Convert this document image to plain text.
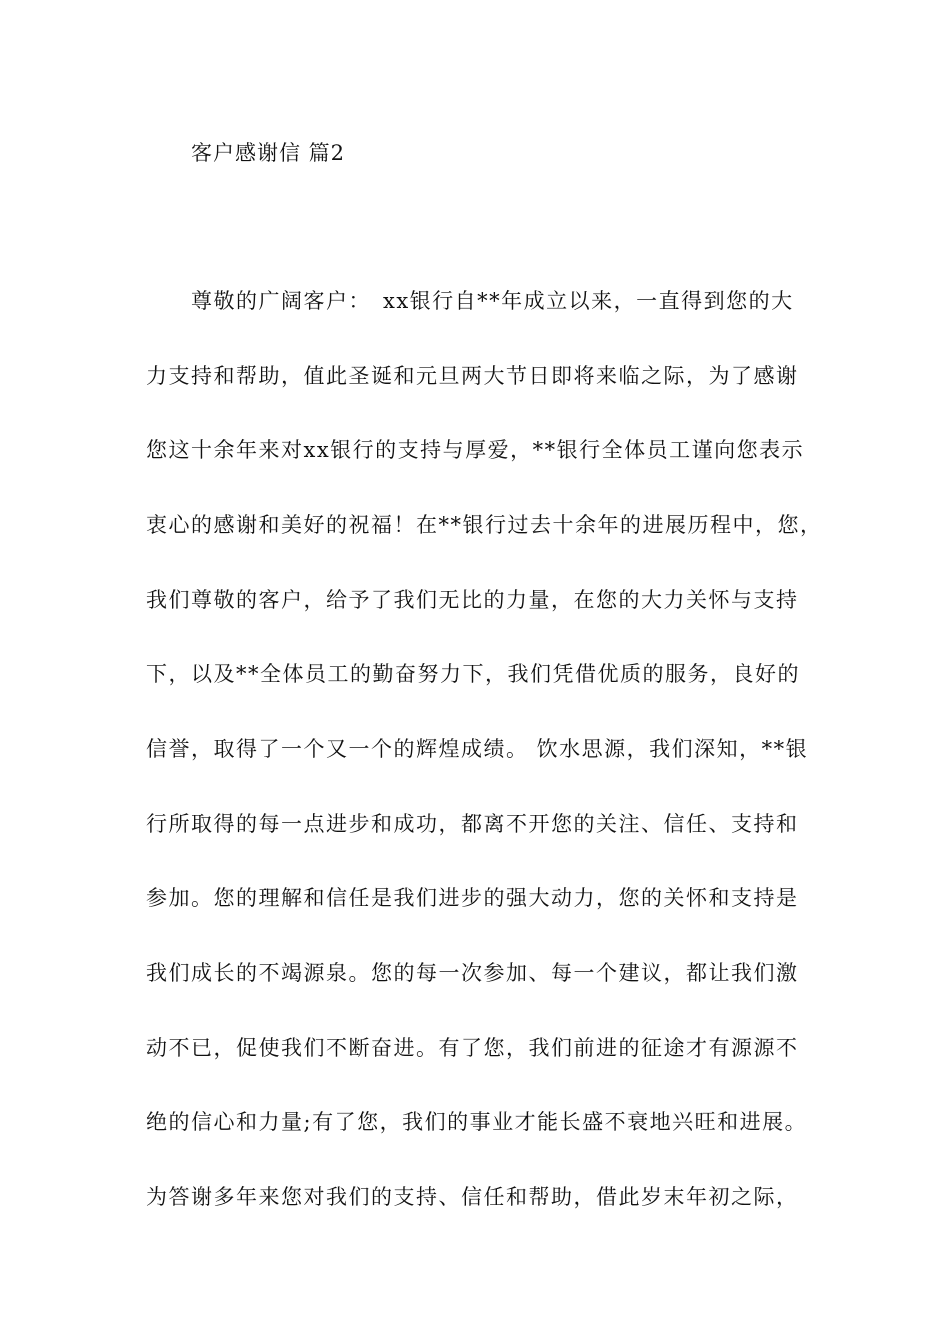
客户感谢信 篇2
　　尊敬的广阔客户：　xx银行自**年成立以来，一直得到您的大
力支持和帮助，值此圣诞和元旦两大节日即将来临之际，为了感谢
您这十余年来对xx银行的支持与厚爱，**银行全体员工谨向您表示
衷心的感谢和美好的祝福！在**银行过去十余年的进展历程中，您，
我们尊敬的客户，给予了我们无比的力量，在您的大力关怀与支持
下，以及**全体员工的勤奋努力下，我们凭借优质的服务，良好的
信誉，取得了一个又一个的辉煌成绩。 饮水思源，我们深知，**银
行所取得的每一点进步和成功，都离不开您的关注、信任、支持和
参加。您的理解和信任是我们进步的强大动力，您的关怀和支持是
我们成长的不竭源泉。您的每一次参加、每一个建议，都让我们激
动不已，促使我们不断奋进。有了您，我们前进的征途才有源源不
绝的信心和力量;有了您，我们的事业才能长盛不衰地兴旺和进展。
为答谢多年来您对我们的支持、信任和帮助，借此岁末年初之际，
